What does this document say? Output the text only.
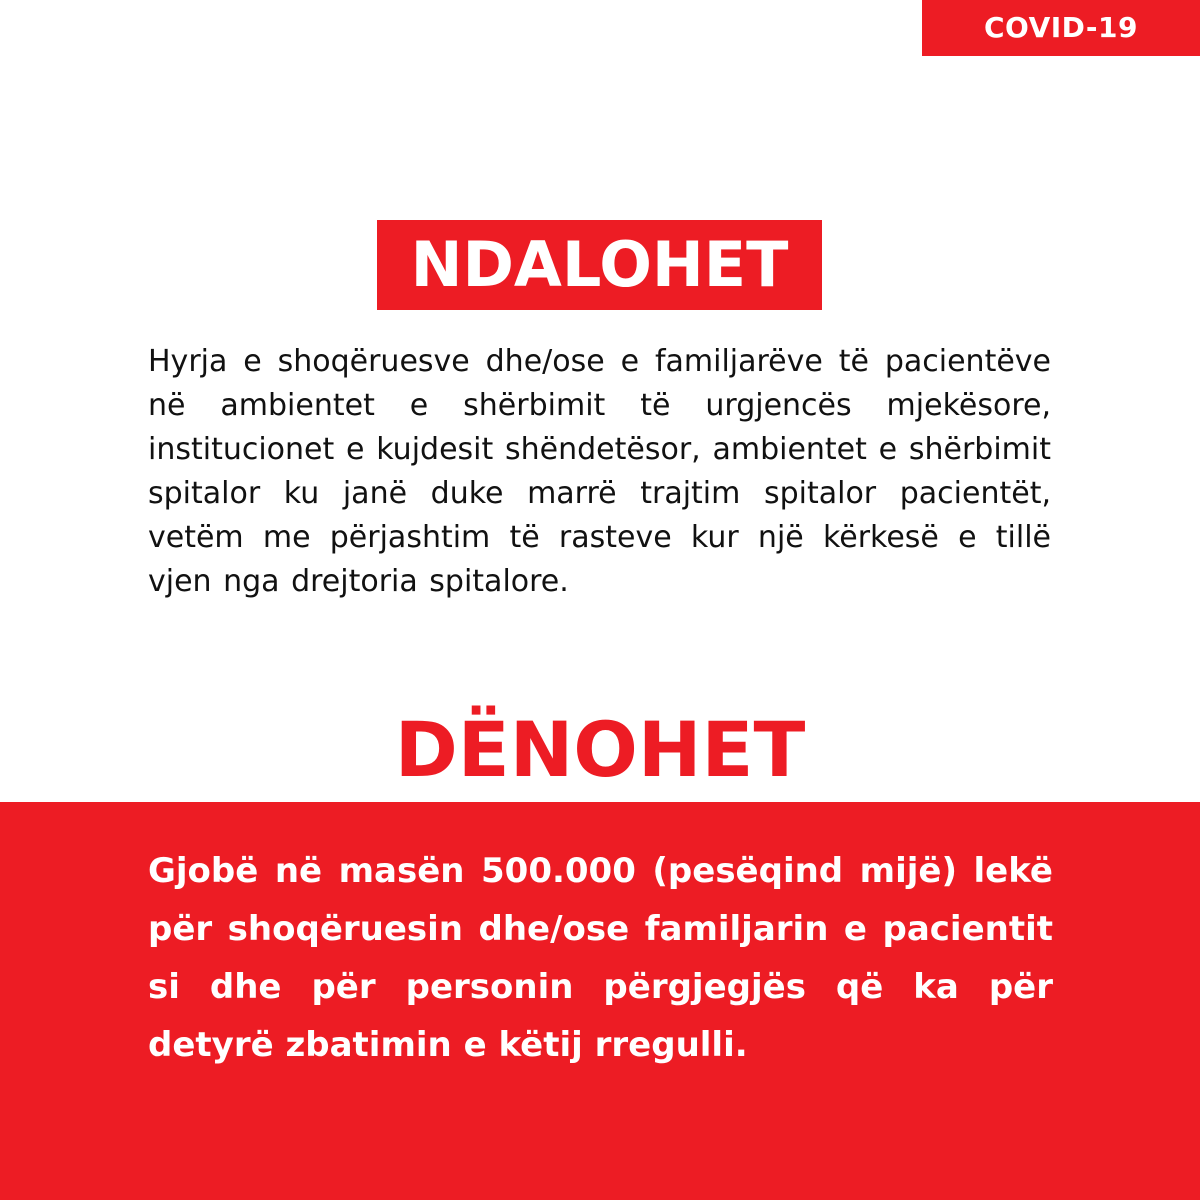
COVID-19
NDALOHET

Hyrja e shoqëruesve dhe/ose e familjarëve të pacientëve në ambientet e shërbimit të urgjencës mjekësore, institucionet e kujdesit shëndetësor, ambientet e shërbimit spitalor ku janë duke marrë trajtim spitalor pacientët, vetëm me përjashtim të rasteve kur një kërkesë e tillë vjen nga drejtoria spitalore.

DËNOHET

Gjobë në masën 500.000 (pesëqind mijë) lekë për shoqëruesin dhe/ose familjarin e pacientit si dhe për personin përgjegjës që ka për detyrë zbatimin e këtij rregulli.
